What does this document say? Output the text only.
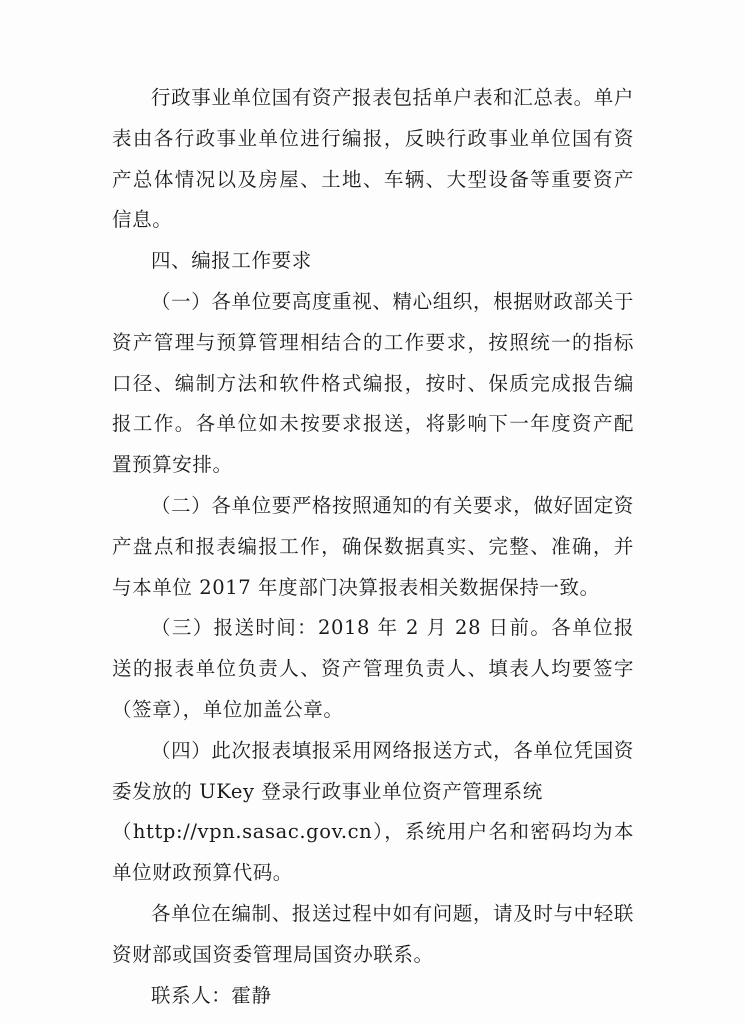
行政事业单位国有资产报表包括单户表和汇总表。单户表由各行政事业单位进行编报，反映行政事业单位国有资产总体情况以及房屋、土地、车辆、大型设备等重要资产信息。

四、编报工作要求

（一）各单位要高度重视、精心组织，根据财政部关于资产管理与预算管理相结合的工作要求，按照统一的指标口径、编制方法和软件格式编报，按时、保质完成报告编报工作。各单位如未按要求报送，将影响下一年度资产配置预算安排。

（二）各单位要严格按照通知的有关要求，做好固定资产盘点和报表编报工作，确保数据真实、完整、准确，并与本单位 2017 年度部门决算报表相关数据保持一致。

（三）报送时间：2018 年 2 月 28 日前。各单位报送的报表单位负责人、资产管理负责人、填表人均要签字（签章），单位加盖公章。

（四）此次报表填报采用网络报送方式，各单位凭国资委发放的 UKey 登录行政事业单位资产管理系统

（http://vpn.sasac.gov.cn），系统用户名和密码均为本单位财政预算代码。

各单位在编制、报送过程中如有问题，请及时与中轻联资财部或国资委管理局国资办联系。

联系人：霍静
